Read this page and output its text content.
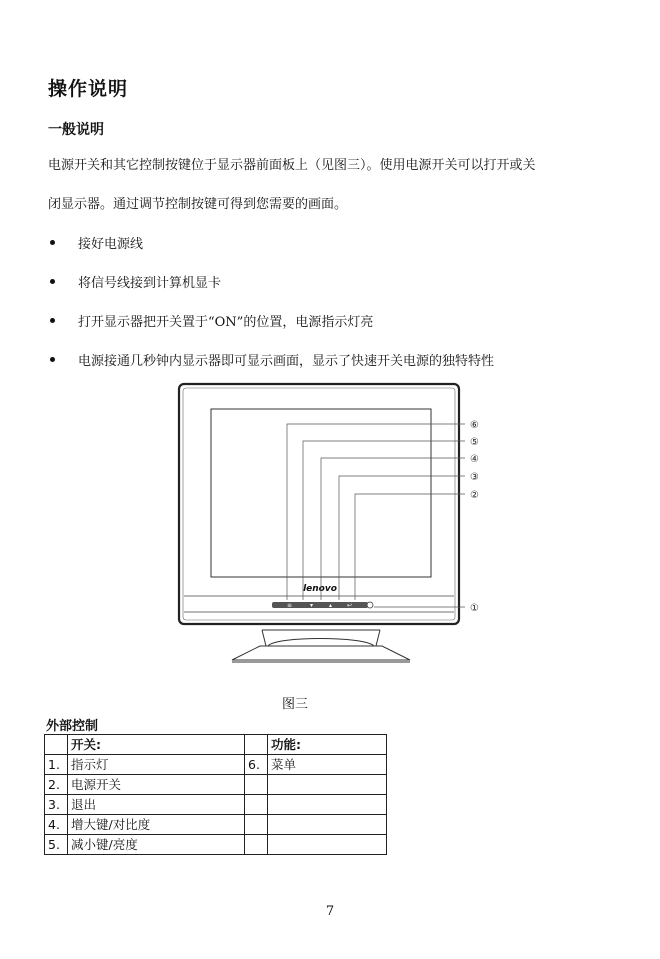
操作说明
一般说明
电源开关和其它控制按键位于显示器前面板上（见图三）。使用电源开关可以打开或关
闭显示器。通过调节控制按键可得到您需要的画面。
接好电源线
将信号线接到计算机显卡
打开显示器把开关置于“ON”的位置，电源指示灯亮
电源接通几秒钟内显示器即可显示画面，显示了快速开关电源的独特特性
lenovo
≡	▾	▴ ↩
⑥
⑤
④
③
②
①
图三
外部控制
	开关:		功能:
1.	指示灯	6.	菜单
2.	电源开关		
3.	退出		
4.	增大键/对比度		
5.	减小键/亮度		
7
